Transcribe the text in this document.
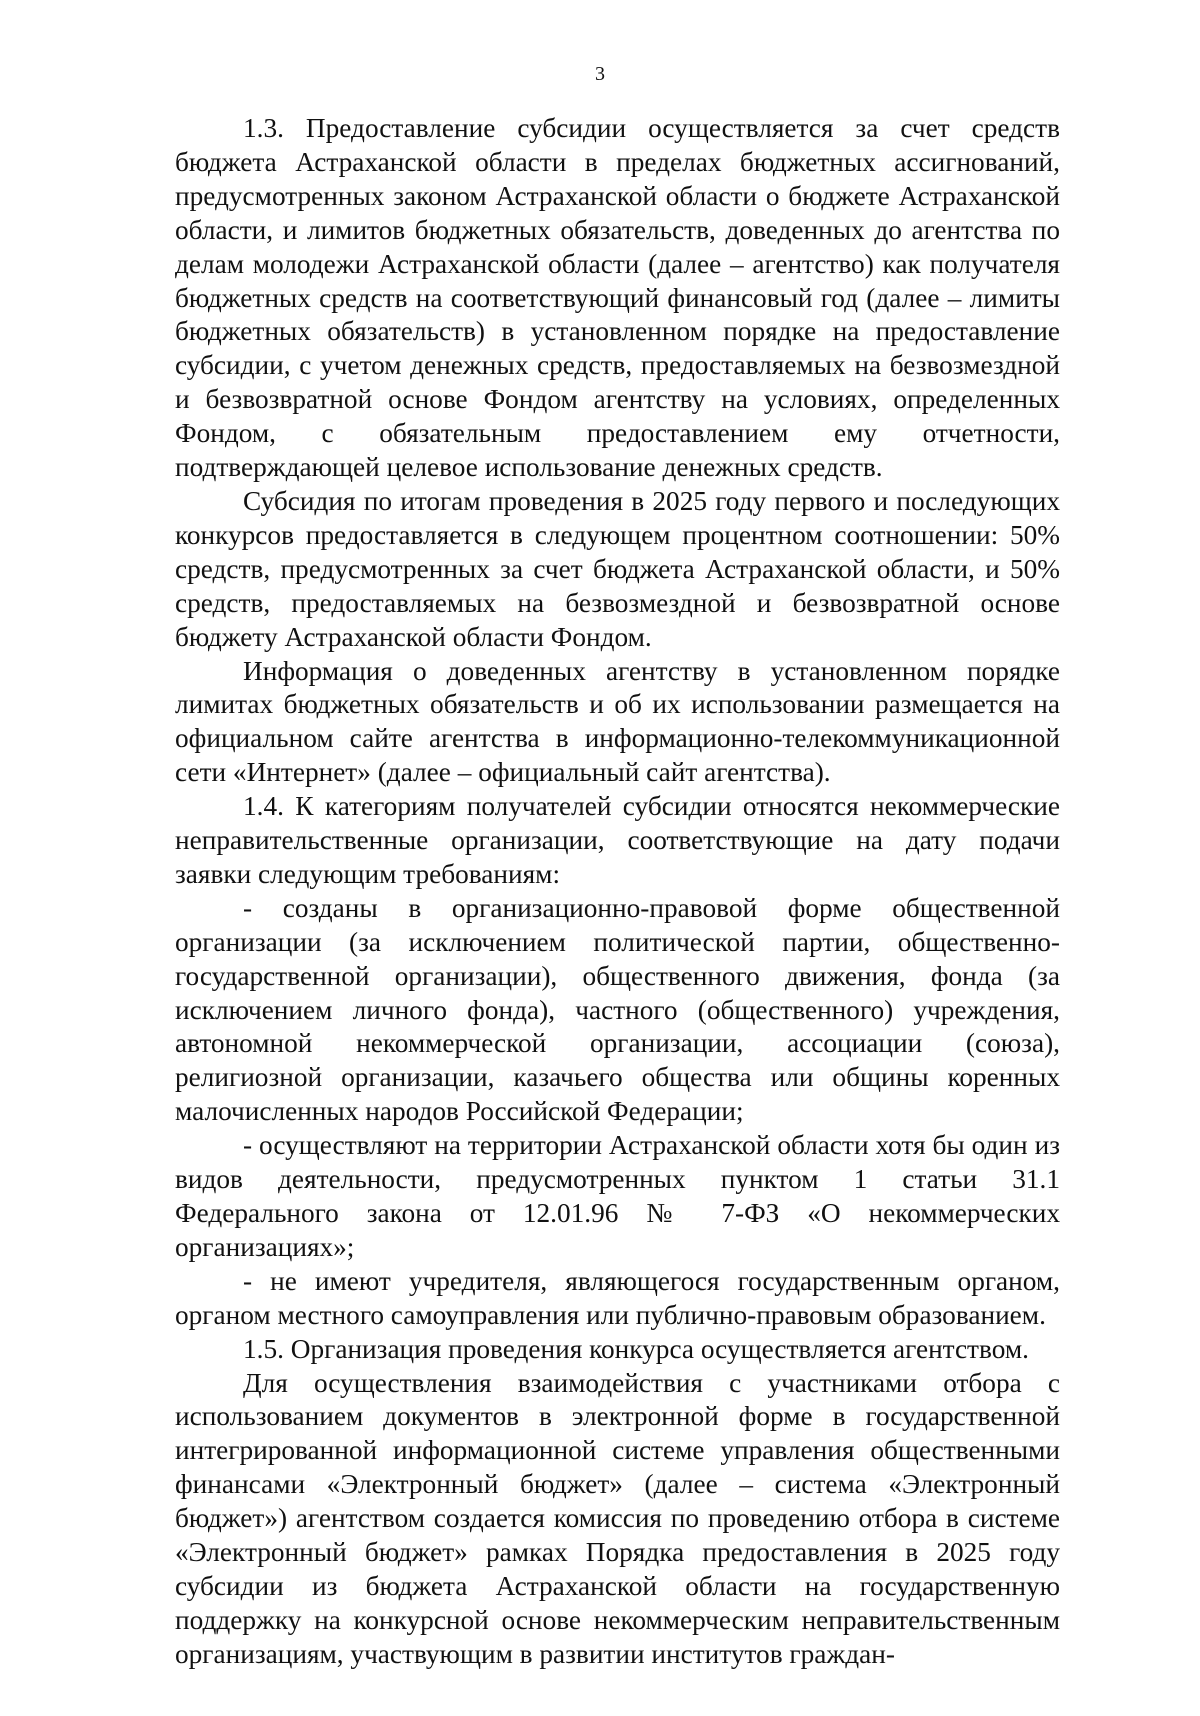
3

1.3. Предоставление субсидии осуществляется за счет средств бюджета Астраханской области в пределах бюджетных ассигнований, предусмотренных законом Астраханской области о бюджете Астраханской области, и лимитов бюджетных обязательств, доведенных до агентства по делам молодежи Астраханской области (далее – агентство) как получателя бюджетных средств на соответствующий финансовый год (далее – лимиты бюджетных обязательств) в установленном порядке на предоставление субсидии, с учетом денежных средств, предоставляемых на безвозмездной и безвозвратной основе Фондом агентству на условиях, определенных Фондом, с обязательным предоставлением ему отчетности, подтверждающей целевое использование денежных средств.

Субсидия по итогам проведения в 2025 году первого и последующих конкурсов предоставляется в следующем процентном соотношении: 50% средств, предусмотренных за счет бюджета Астраханской области, и 50% средств, предоставляемых на безвозмездной и безвозвратной основе бюджету Астраханской области Фондом.

Информация о доведенных агентству в установленном порядке лимитах бюджетных обязательств и об их использовании размещается на официальном сайте агентства в информационно-телекоммуникационной сети «Интернет» (далее – официальный сайт агентства).

1.4. К категориям получателей субсидии относятся некоммерческие неправительственные организации, соответствующие на дату подачи заявки следующим требованиям:

- созданы в организационно-правовой форме общественной организации (за исключением политической партии, общественно-государственной организации), общественного движения, фонда (за исключением личного фонда), частного (общественного) учреждения, автономной некоммерческой организации, ассоциации (союза), религиозной организации, казачьего общества или общины коренных малочисленных народов Российской Федерации;

- осуществляют на территории Астраханской области хотя бы один из видов деятельности, предусмотренных пунктом 1 статьи 31.1 Федерального закона от 12.01.96 № 7-ФЗ «О некоммерческих организациях»;

- не имеют учредителя, являющегося государственным органом, органом местного самоуправления или публично-правовым образованием.

1.5. Организация проведения конкурса осуществляется агентством.

Для осуществления взаимодействия с участниками отбора с использованием документов в электронной форме в государственной интегрированной информационной системе управления общественными финансами «Электронный бюджет» (далее – система «Электронный бюджет») агентством создается комиссия по проведению отбора в системе «Электронный бюджет» рамках Порядка предоставления в 2025 году субсидии из бюджета Астраханской области на государственную поддержку на конкурсной основе некоммерческим неправительственным организациям, участвующим в развитии институтов граждан-
